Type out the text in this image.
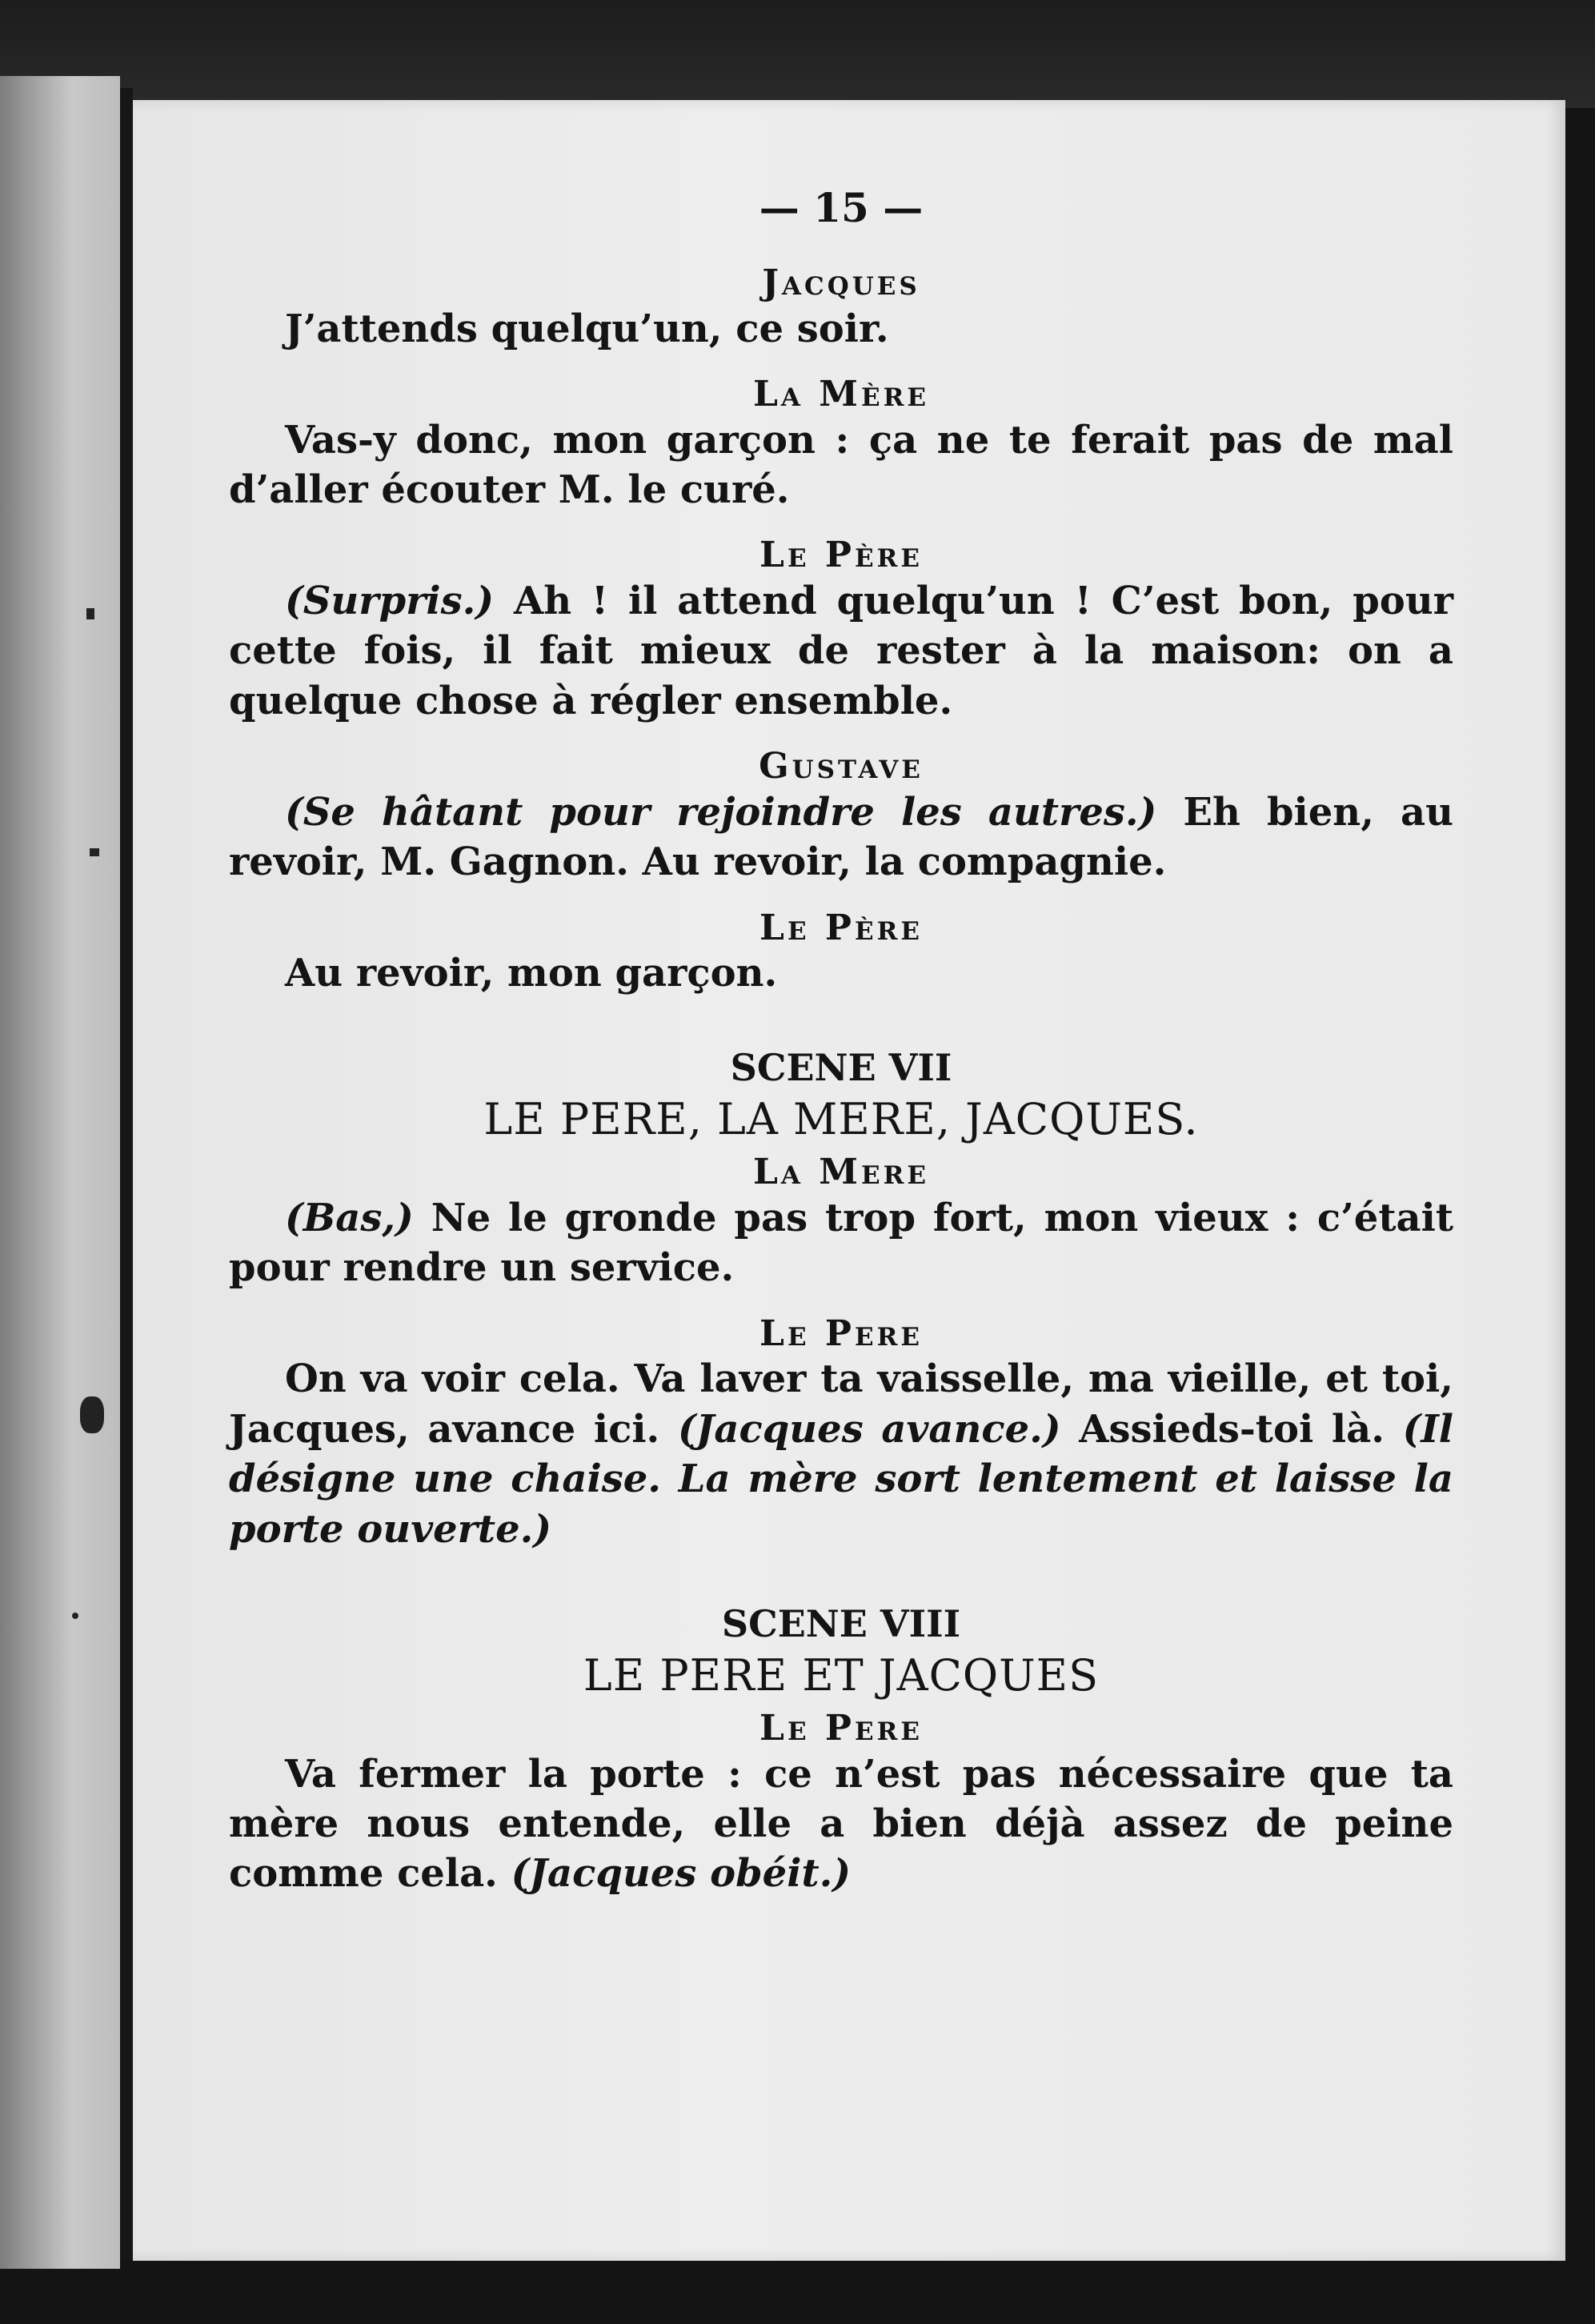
— 15 —
Jacques

J’attends quelqu’un, ce soir.

La Mère

Vas-y donc, mon garçon : ça ne te ferait pas de mal d’aller écouter M. le curé.

Le Père

(Surpris.) Ah ! il attend quelqu’un ! C’est bon, pour cette fois, il fait mieux de rester à la maison: on a quelque chose à régler ensemble.

Gustave

(Se hâtant pour rejoindre les autres.) Eh bien, au revoir, M. Gagnon. Au revoir, la compagnie.

Le Père

Au revoir, mon garçon.

SCENE VII
LE PERE, LA MERE, JACQUES.
La Mere

(Bas,) Ne le gronde pas trop fort, mon vieux : c’était pour rendre un service.

Le Pere

On va voir cela. Va laver ta vaisselle, ma vieille, et toi, Jacques, avance ici. (Jacques avance.) Assieds-toi là. (Il désigne une chaise. La mère sort lentement et laisse la porte ouverte.)

SCENE VIII
LE PERE ET JACQUES
Le Pere

Va fermer la porte : ce n’est pas nécessaire que ta mère nous entende, elle a bien déjà assez de peine comme cela. (Jacques obéit.)
